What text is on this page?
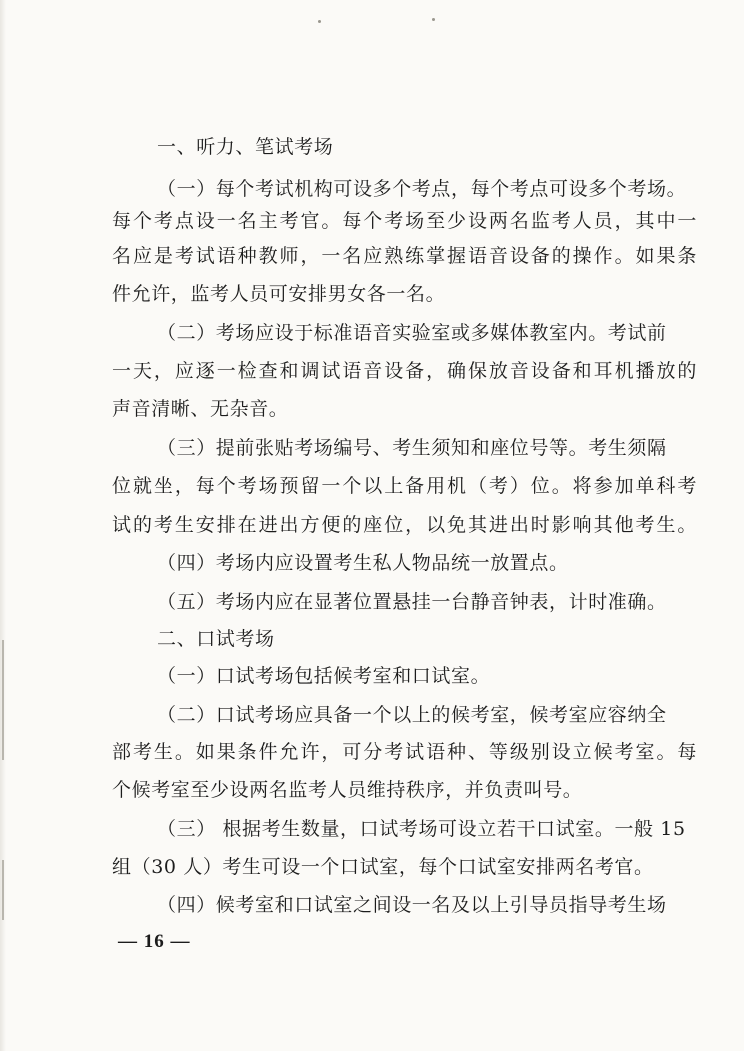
一、听力、笔试考场
（一）每个考试机构可设多个考点，每个考点可设多个考场。
每个考点设一名主考官。每个考场至少设两名监考人员，其中一
名应是考试语种教师，一名应熟练掌握语音设备的操作。如果条
件允许，监考人员可安排男女各一名。
（二）考场应设于标准语音实验室或多媒体教室内。考试前
一天，应逐一检查和调试语音设备，确保放音设备和耳机播放的
声音清晰、无杂音。
（三）提前张贴考场编号、考生须知和座位号等。考生须隔
位就坐，每个考场预留一个以上备用机（考）位。将参加单科考
试的考生安排在进出方便的座位，以免其进出时影响其他考生。
（四）考场内应设置考生私人物品统一放置点。
（五）考场内应在显著位置悬挂一台静音钟表，计时准确。
二、口试考场
（一）口试考场包括候考室和口试室。
（二）口试考场应具备一个以上的候考室，候考室应容纳全
部考生。如果条件允许，可分考试语种、等级别设立候考室。每
个候考室至少设两名监考人员维持秩序，并负责叫号。
（三） 根据考生数量，口试考场可设立若干口试室。一般 15
组（30 人）考生可设一个口试室，每个口试室安排两名考官。
（四）候考室和口试室之间设一名及以上引导员指导考生场
— 16 —
